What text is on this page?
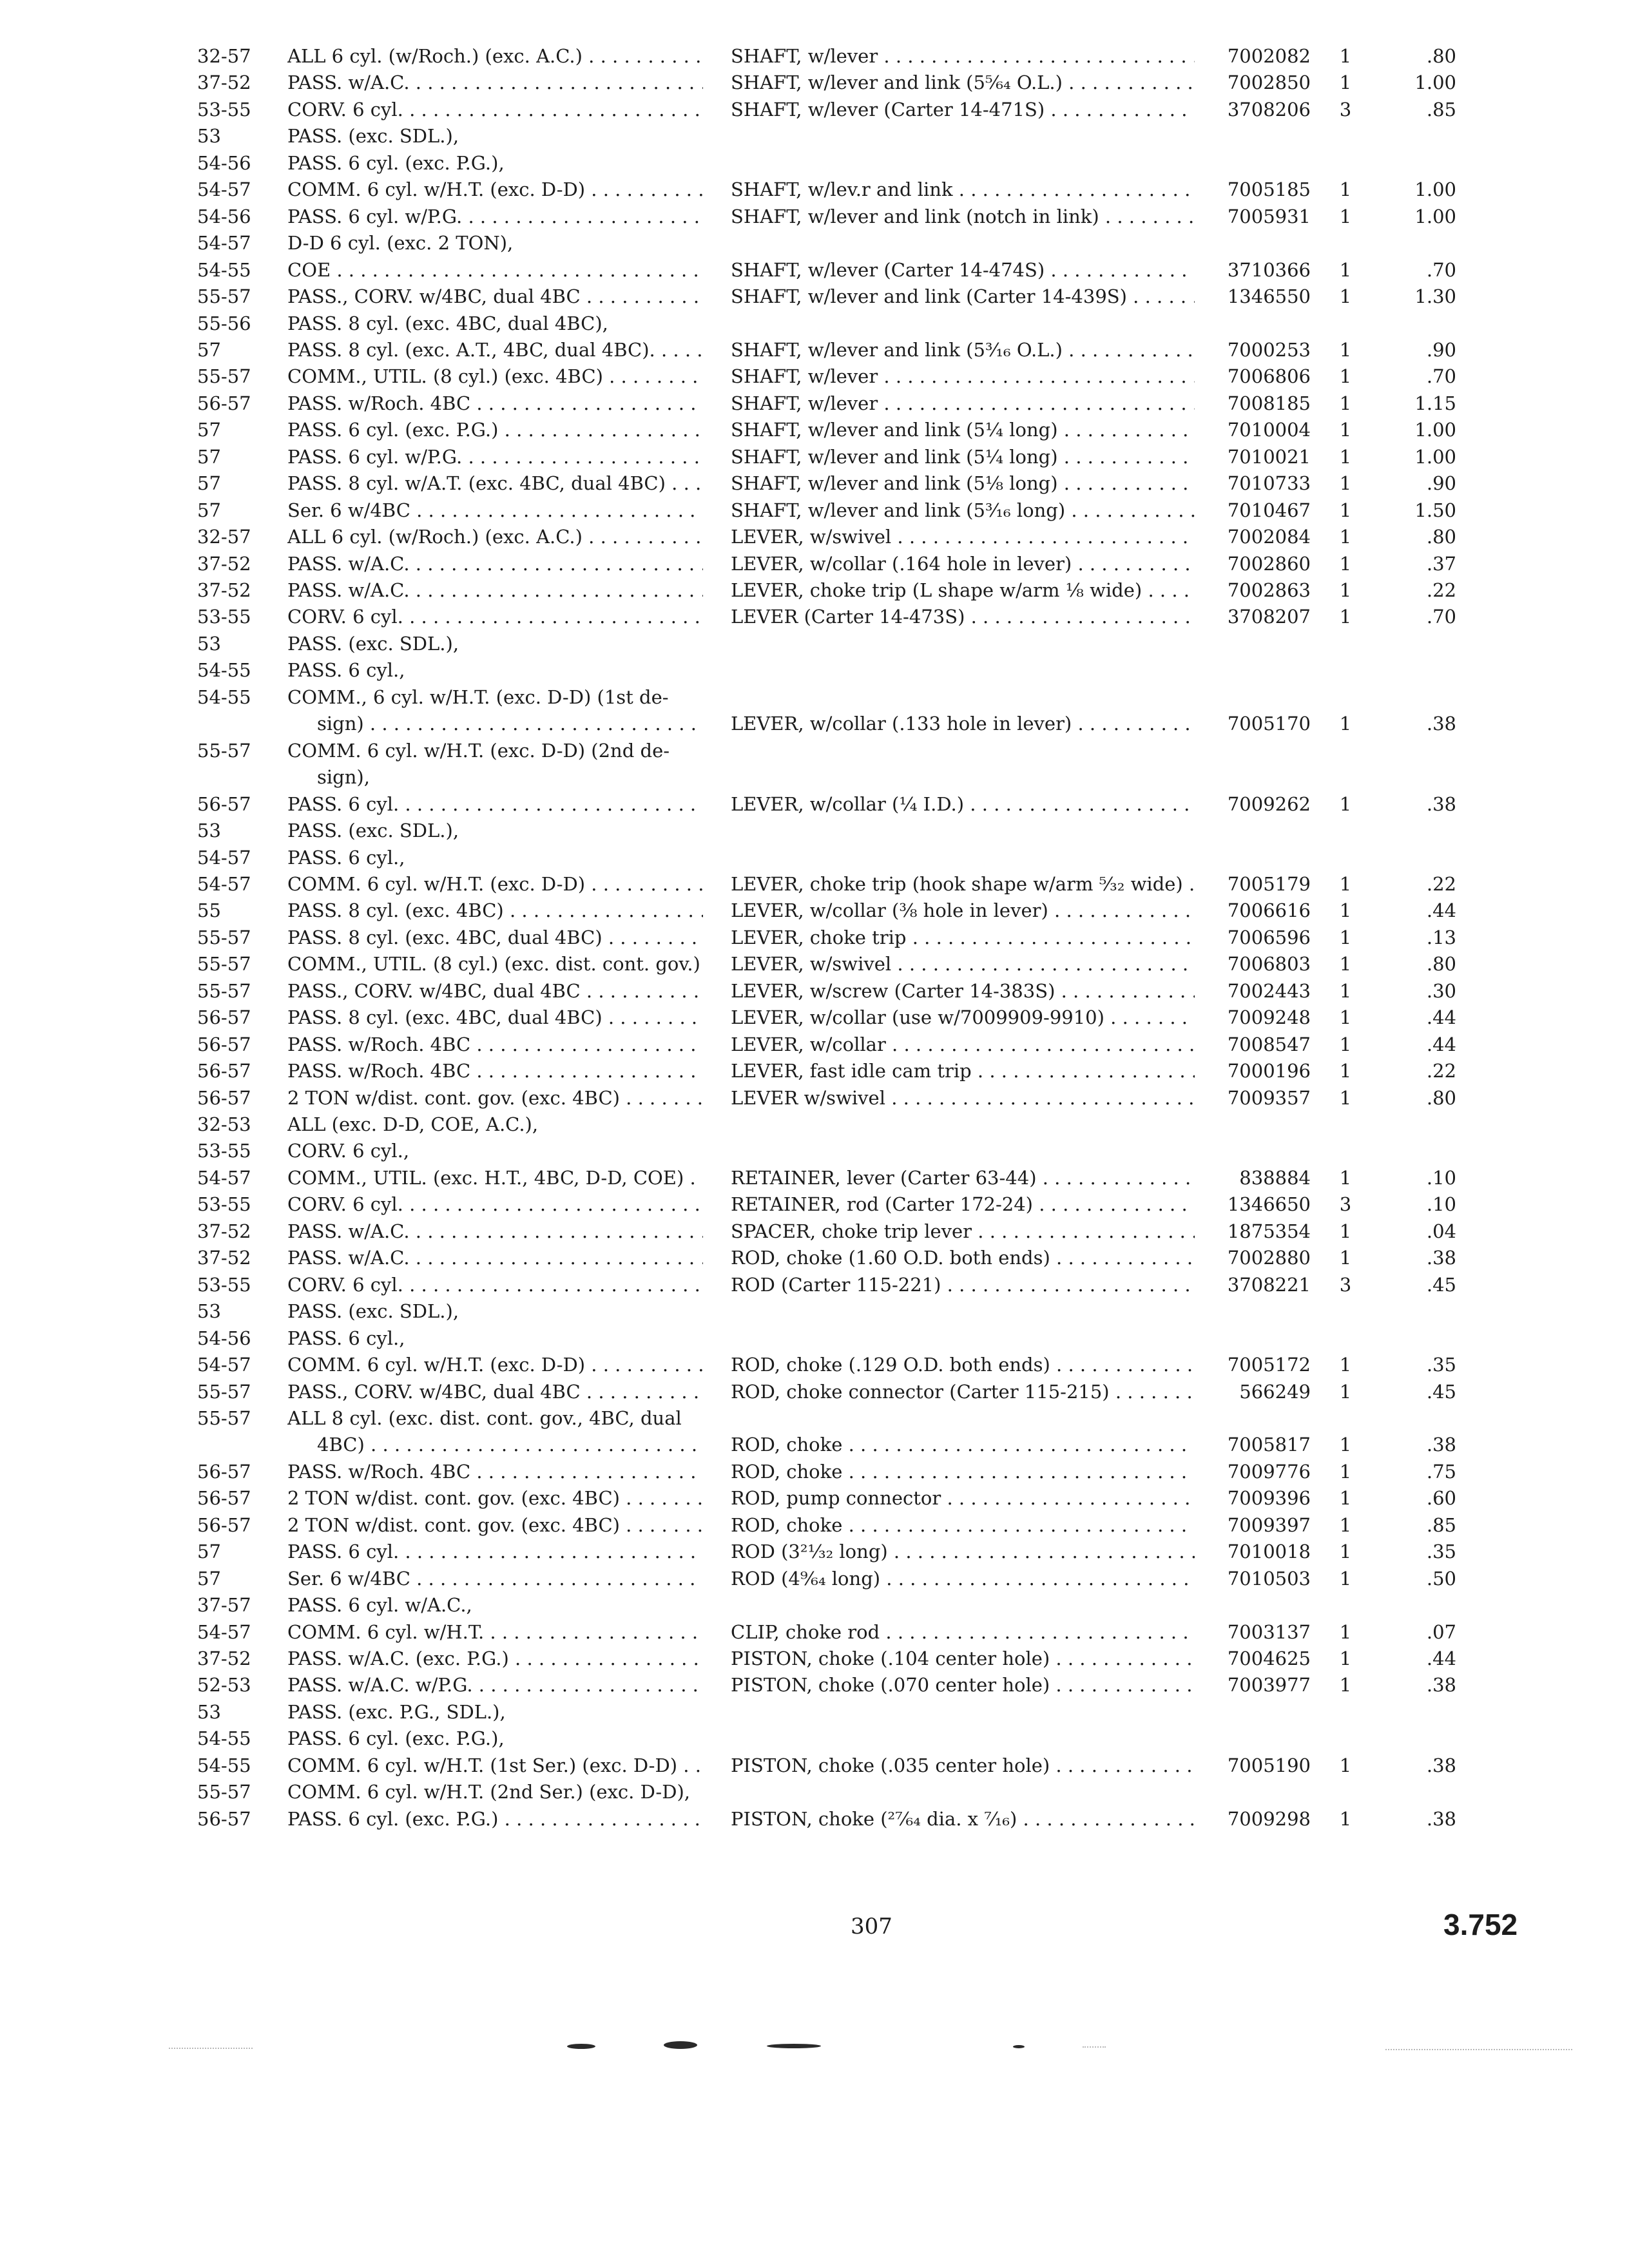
32-57	ALL 6 cyl. (w/Roch.) (exc. A.C.) . . .	SHAFT, w/lever . . .	7002082	1	.80
37-52	PASS. w/A.C. . . .	SHAFT, w/lever and link (5⁵⁄₆₄ O.L.) . . .	7002850	1	1.00
53-55	CORV. 6 cyl. . . .	SHAFT, w/lever (Carter 14-471S) . . .	3708206	3	.85
53	PASS. (exc. SDL.),
54-56	PASS. 6 cyl. (exc. P.G.),
54-57	COMM. 6 cyl. w/H.T. (exc. D-D) . . .	SHAFT, w/lev.r and link . . .	7005185	1	1.00
54-56	PASS. 6 cyl. w/P.G. . . .	SHAFT, w/lever and link (notch in link) . . .	7005931	1	1.00
54-57	D-D 6 cyl. (exc. 2 TON),
54-55	COE . . .	SHAFT, w/lever (Carter 14-474S) . . .	3710366	1	.70
55-57	PASS., CORV. w/4BC, dual 4BC . . .	SHAFT, w/lever and link (Carter 14-439S) . . .	1346550	1	1.30
55-56	PASS. 8 cyl. (exc. 4BC, dual 4BC),
57	PASS. 8 cyl. (exc. A.T., 4BC, dual 4BC). . . .	SHAFT, w/lever and link (5³⁄₁₆ O.L.) . . .	7000253	1	.90
55-57	COMM., UTIL. (8 cyl.) (exc. 4BC) . . .	SHAFT, w/lever . . .	7006806	1	.70
56-57	PASS. w/Roch. 4BC . . .	SHAFT, w/lever . . .	7008185	1	1.15
57	PASS. 6 cyl. (exc. P.G.) . . .	SHAFT, w/lever and link (5¼ long) . . .	7010004	1	1.00
57	PASS. 6 cyl. w/P.G. . . .	SHAFT, w/lever and link (5¼ long) . . .	7010021	1	1.00
57	PASS. 8 cyl. w/A.T. (exc. 4BC, dual 4BC) . . .	SHAFT, w/lever and link (5⅛ long) . . .	7010733	1	.90
57	Ser. 6 w/4BC . . .	SHAFT, w/lever and link (5³⁄₁₆ long) . . .	7010467	1	1.50
32-57	ALL 6 cyl. (w/Roch.) (exc. A.C.) . . .	LEVER, w/swivel . . .	7002084	1	.80
37-52	PASS. w/A.C. . . .	LEVER, w/collar (.164 hole in lever) . . .	7002860	1	.37
37-52	PASS. w/A.C. . . .	LEVER, choke trip (L shape w/arm ⅛ wide) . . .	7002863	1	.22
53-55	CORV. 6 cyl. . . .	LEVER (Carter 14-473S) . . .	3708207	1	.70
53	PASS. (exc. SDL.),
54-55	PASS. 6 cyl.,
54-55	COMM., 6 cyl. w/H.T. (exc. D-D) (1st de-
sign) . . .	LEVER, w/collar (.133 hole in lever) . . .	7005170	1	.38
55-57	COMM. 6 cyl. w/H.T. (exc. D-D) (2nd de-
sign),
56-57	PASS. 6 cyl. . . .	LEVER, w/collar (¼ I.D.) . . .	7009262	1	.38
53	PASS. (exc. SDL.),
54-57	PASS. 6 cyl.,
54-57	COMM. 6 cyl. w/H.T. (exc. D-D) . . .	LEVER, choke trip (hook shape w/arm ⁵⁄₃₂ wide) . . .	7005179	1	.22
55	PASS. 8 cyl. (exc. 4BC) . . .	LEVER, w/collar (⅜ hole in lever) . . .	7006616	1	.44
55-57	PASS. 8 cyl. (exc. 4BC, dual 4BC) . . .	LEVER, choke trip . . .	7006596	1	.13
55-57	COMM., UTIL. (8 cyl.) (exc. dist. cont. gov.) . . . LEVER, w/swivel . . .	7006803	1	.80
55-57	PASS., CORV. w/4BC, dual 4BC . . .	LEVER, w/screw (Carter 14-383S) . . .	7002443	1	.30
56-57	PASS. 8 cyl. (exc. 4BC, dual 4BC) . . .	LEVER, w/collar (use w/7009909-9910) . . .	7009248	1	.44
56-57	PASS. w/Roch. 4BC . . .	LEVER, w/collar . . .	7008547	1	.44
56-57	PASS. w/Roch. 4BC . . .	LEVER, fast idle cam trip . . .	7000196	1	.22
56-57	2 TON w/dist. cont. gov. (exc. 4BC) . . .	LEVER w/swivel . . .	7009357	1	.80
32-53	ALL (exc. D-D, COE, A.C.),
53-55	CORV. 6 cyl.,
54-57	COMM., UTIL. (exc. H.T., 4BC, D-D, COE) . . .	RETAINER, lever (Carter 63-44) . . .	838884	1	.10
53-55	CORV. 6 cyl. . . .	RETAINER, rod (Carter 172-24) . . .	1346650	3	.10
37-52	PASS. w/A.C. . . .	SPACER, choke trip lever . . .	1875354	1	.04
37-52	PASS. w/A.C. . . .	ROD, choke (1.60 O.D. both ends) . . .	7002880	1	.38
53-55	CORV. 6 cyl. . . .	ROD (Carter 115-221) . . .	3708221	3	.45
53	PASS. (exc. SDL.),
54-56	PASS. 6 cyl.,
54-57	COMM. 6 cyl. w/H.T. (exc. D-D) . . .	ROD, choke (.129 O.D. both ends) . . .	7005172	1	.35
55-57	PASS., CORV. w/4BC, dual 4BC . . .	ROD, choke connector (Carter 115-215) . . .	566249	1	.45
55-57	ALL 8 cyl. (exc. dist. cont. gov., 4BC, dual
4BC) . . .	ROD, choke . . .	7005817	1	.38
56-57	PASS. w/Roch. 4BC . . .	ROD, choke . . .	7009776	1	.75
56-57	2 TON w/dist. cont. gov. (exc. 4BC) . . .	ROD, pump connector . . .	7009396	1	.60
56-57	2 TON w/dist. cont. gov. (exc. 4BC) . . .	ROD, choke . . .	7009397	1	.85
57	PASS. 6 cyl. . . .	ROD (3²¹⁄₃₂ long) . . .	7010018	1	.35
57	Ser. 6 w/4BC . . .	ROD (4⁹⁄₆₄ long) . . .	7010503	1	.50
37-57	PASS. 6 cyl. w/A.C.,
54-57	COMM. 6 cyl. w/H.T. . . .	CLIP, choke rod . . .	7003137	1	.07
37-52	PASS. w/A.C. (exc. P.G.) . . .	PISTON, choke (.104 center hole) . . .	7004625	1	.44
52-53	PASS. w/A.C. w/P.G. . . .	PISTON, choke (.070 center hole) . . .	7003977	1	.38
53	PASS. (exc. P.G., SDL.),
54-55	PASS. 6 cyl. (exc. P.G.),
54-55	COMM. 6 cyl. w/H.T. (1st Ser.) (exc. D-D) . . .	PISTON, choke (.035 center hole) . . .	7005190	1	.38
55-57	COMM. 6 cyl. w/H.T. (2nd Ser.) (exc. D-D),
56-57	PASS. 6 cyl. (exc. P.G.) . . .	PISTON, choke (²⁷⁄₆₄ dia. x ⁷⁄₁₆) . . .	7009298	1	.38
307	3.752
